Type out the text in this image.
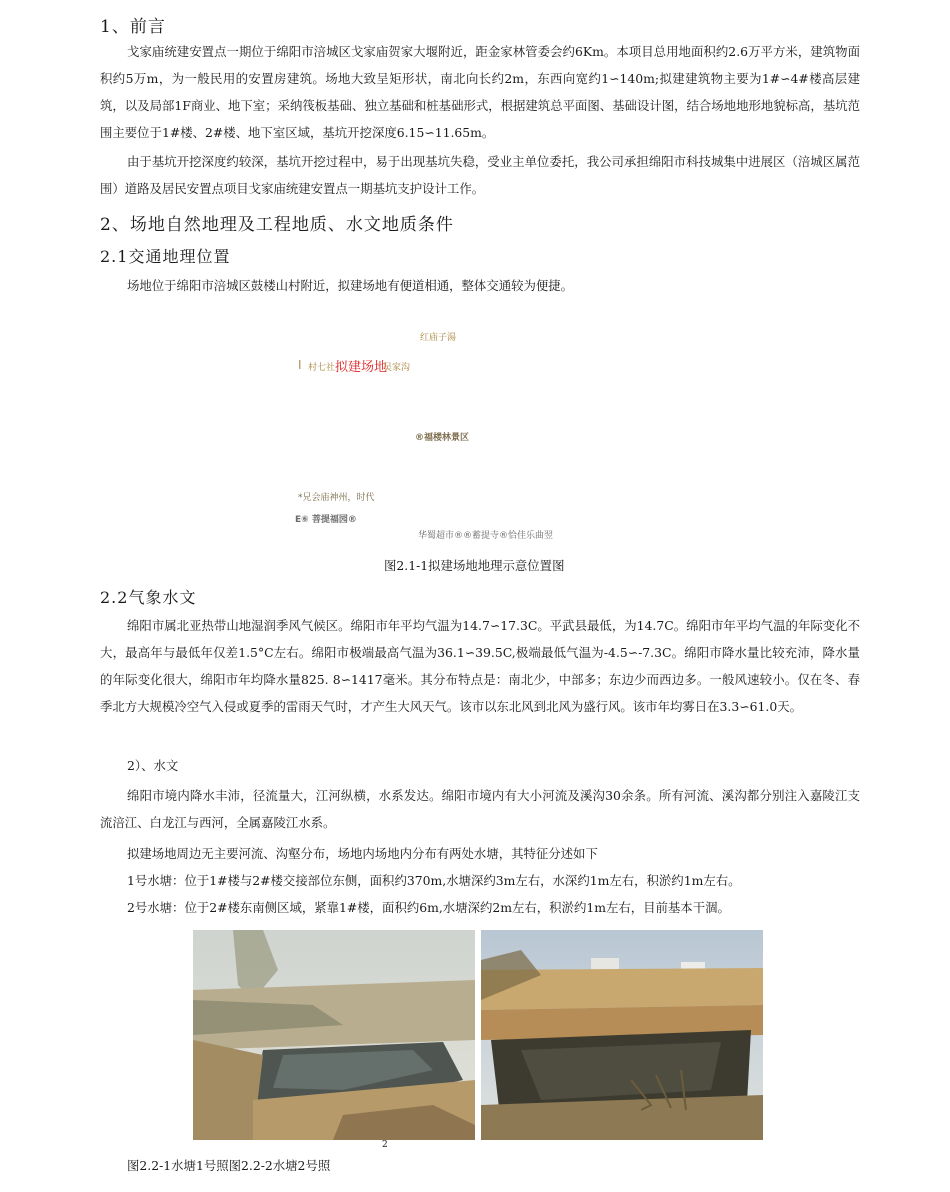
1、前言
戈家庙统建安置点一期位于绵阳市涪城区戈家庙贺家大堰附近，距金家林管委会约6Km。本项目总用地面积约2.6万平方米，建筑物面积约5万m，为一般民用的安置房建筑。场地大致呈矩形状，南北向长约2m，东西向宽约1∽140m;拟建建筑物主要为1#∽4#楼高层建筑，以及局部1F商业、地下室；采纳筏板基础、独立基础和桩基础形式，根据建筑总平面图、基础设计图，结合场地地形地貌标高，基坑范围主要位于1#楼、2#楼、地下室区域，基坑开挖深度6.15∽11.65m。
由于基坑开挖深度约较深，基坑开挖过程中，易于出现基坑失稳，受业主单位委托，我公司承担绵阳市科技城集中进展区（涪城区属范围）道路及居民安置点项目戈家庙统建安置点一期基坑支护设计工作。
2、场地自然地理及工程地质、水文地质条件
2.1交通地理位置
场地位于绵阳市涪城区鼓楼山村附近，拟建场地有便道相通，整体交通较为便捷。
红庙子湯
I 村七社 拟建场地
吴家沟
®福楼林景区
*兄会庙神州，时代
E⑥ 菩提福园®
华蜀超市®®蓄提寺®恰佳乐曲翌
图2.1-1拟建场地地理示意位置图
2.2气象水文
绵阳市属北亚热带山地湿润季风气候区。绵阳市年平均气温为14.7∽17.3C。平武县最低，为14.7C。绵阳市年平均气温的年际变化不大，最高年与最低年仅差1.5°C左右。绵阳市极端最高气温为36.1∽39.5C,极端最低气温为-4.5∽-7.3C。绵阳市降水量比较充沛，降水量的年际变化很大，绵阳市年均降水量825. 8∽1417毫米。其分布特点是：南北少，中部多；东边少而西边多。一般风速较小。仅在冬、春季北方大规模冷空气入侵或夏季的雷雨天气时，才产生大风天气。该市以东北风到北风为盛行风。该市年均雾日在3.3∽61.0天。
2）、水文
绵阳市境内降水丰沛，径流量大，江河纵横，水系发达。绵阳市境内有大小河流及溪沟30余条。所有河流、溪沟都分别注入嘉陵江支流涪江、白龙江与西河，全属嘉陵江水系。
拟建场地周边无主要河流、沟壑分布，场地内场地内分布有两处水塘，其特征分述如下
1号水塘：位于1#楼与2#楼交接部位东侧，面积约370m,水塘深约3m左右，水深约1m左右，积淤约1m左右。
2号水塘：位于2#楼东南侧区域，紧靠1#楼，面积约6m,水塘深约2m左右，积淤约1m左右，目前基本干涸。
2
图2.2-1水塘1号照图2.2-2水塘2号照
